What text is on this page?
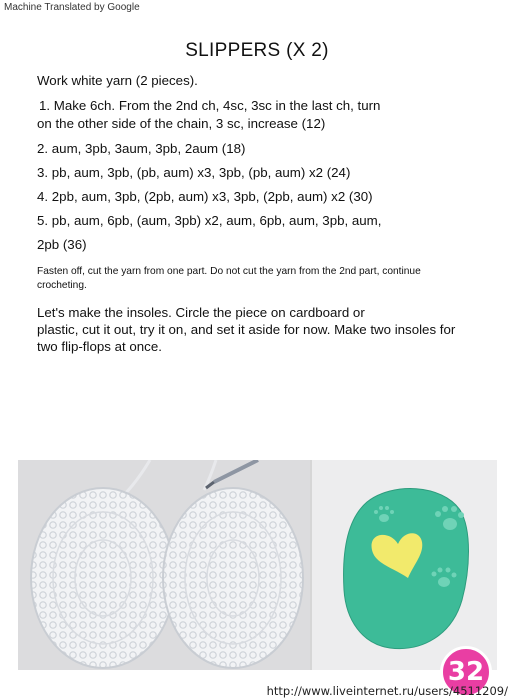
Machine Translated by Google
SLIPPERS (X 2)
Work white yarn (2 pieces).
1. Make 6ch. From the 2nd ch, 4sc, 3sc in the last ch, turn
on the other side of the chain, 3 sc, increase (12)
2. aum, 3pb, 3aum, 3pb, 2aum (18)
3. pb, aum, 3pb, (pb, aum) x3, 3pb, (pb, aum) x2 (24)
4. 2pb, aum, 3pb, (2pb, aum) x3, 3pb, (2pb, aum) x2 (30)
5. pb, aum, 6pb, (aum, 3pb) x2, aum, 6pb, aum, 3pb, aum,
2pb (36)
Fasten off, cut the yarn from one part. Do not cut the yarn from the 2nd part, continue
crocheting.
Let's make the insoles. Circle the piece on cardboard or
plastic, cut it out, try it on, and set it aside for now. Make two insoles for
two flip-flops at once.
32
http://www.liveinternet.ru/users/4511209/
